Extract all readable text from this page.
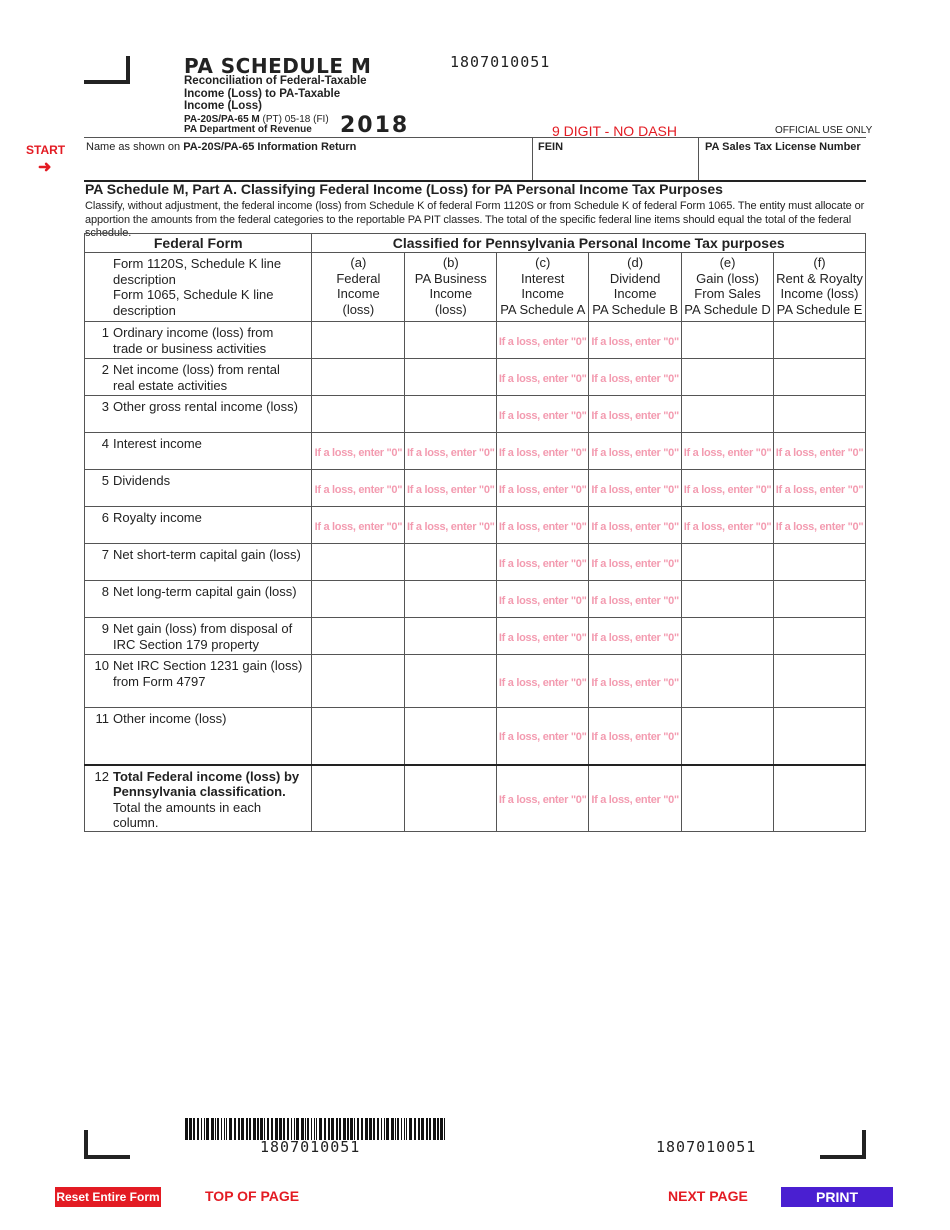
PA SCHEDULE M
Reconciliation of Federal-Taxable
Income (Loss) to PA-Taxable
Income (Loss)
PA-20S/PA-65 M (PT) 05-18 (FI)
PA Department of Revenue 2018
1807010051
9 DIGIT - NO DASH	OFFICIAL USE ONLY
START
➜
Name as shown on PA-20S/PA-65 Information Return	FEIN	PA Sales Tax License Number
PA Schedule M, Part A. Classifying Federal Income (Loss) for PA Personal Income Tax Purposes
Classify, without adjustment, the federal income (loss) from Schedule K of federal Form 1120S or from Schedule K of federal Form 1065. The entity must allocate or apportion the amounts from the federal categories to the reportable PA PIT classes. The total of the specific federal line items should equal the total of the federal schedule.
Federal Form	Classified for Pennsylvania Personal Income Tax purposes					
Form 1120S, Schedule K line
description
Form 1065, Schedule K line
description	(a)
Federal
Income
(loss)	(b)
PA Business
Income
(loss)	(c)
Interest
Income
PA Schedule A	(d)
Dividend
Income
PA Schedule B	(e)
Gain (loss)
From Sales
PA Schedule D	(f)
Rent & Royalty
Income (loss)
PA Schedule E
1 Ordinary income (loss) from
trade or business activities			If a loss, enter "0"	If a loss, enter "0"		
2 Net income (loss) from rental
real estate activities			If a loss, enter "0"	If a loss, enter "0"		
3 Other gross rental income (loss)			If a loss, enter "0"	If a loss, enter "0"		
4 Interest income	If a loss, enter "0"	If a loss, enter "0"	If a loss, enter "0"	If a loss, enter "0"	If a loss, enter "0"	If a loss, enter "0"
5 Dividends	If a loss, enter "0"	If a loss, enter "0"	If a loss, enter "0"	If a loss, enter "0"	If a loss, enter "0"	If a loss, enter "0"
6 Royalty income	If a loss, enter "0"	If a loss, enter "0"	If a loss, enter "0"	If a loss, enter "0"	If a loss, enter "0"	If a loss, enter "0"
7 Net short-term capital gain (loss)			If a loss, enter "0"	If a loss, enter "0"		
8 Net long-term capital gain (loss)			If a loss, enter "0"	If a loss, enter "0"		
9 Net gain (loss) from disposal of
IRC Section 179 property			If a loss, enter "0"	If a loss, enter "0"		
10 Net IRC Section 1231 gain (loss)
from Form 4797			If a loss, enter "0"	If a loss, enter "0"		
11 Other income (loss)			If a loss, enter "0"	If a loss, enter "0"		
12 Total Federal income (loss) by
Pennsylvania classification.
Total the amounts in each column.			If a loss, enter "0"	If a loss, enter "0"		
1807010051	1807010051
Reset Entire Form	TOP OF PAGE	NEXT PAGE	PRINT
